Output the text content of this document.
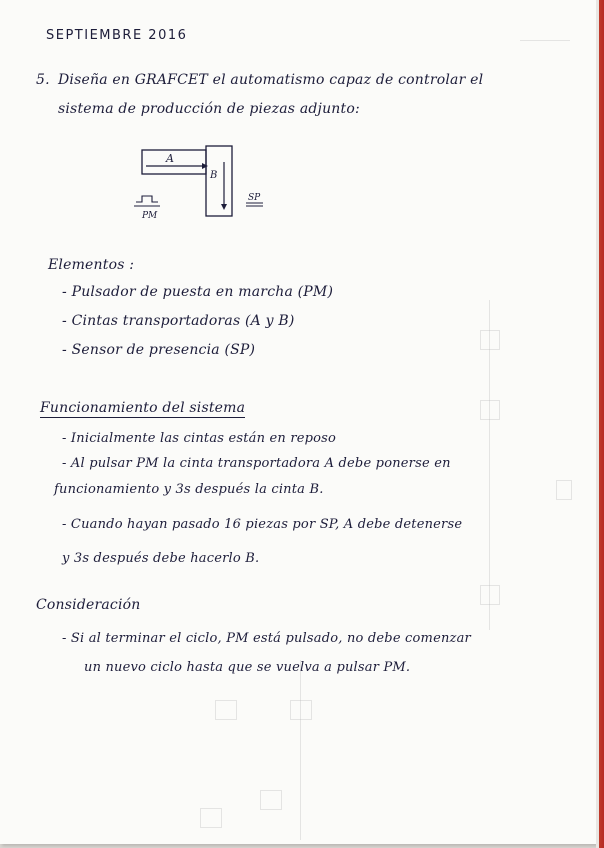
SEPTIEMBRE 2016
5. Diseña en GRAFCET el automatismo capaz de controlar el
sistema de producción de piezas adjunto:
A
B
SP
PM
Elementos :
- Pulsador de puesta en marcha (PM)
- Cintas transportadoras (A y B)
- Sensor de presencia (SP)
Funcionamiento del sistema
- Inicialmente las cintas están en reposo
- Al pulsar PM la cinta transportadora A debe ponerse en
funcionamiento y 3s después la cinta B.
- Cuando hayan pasado 16 piezas por SP, A debe detenerse
y 3s después debe hacerlo B.
Consideración
- Si al terminar el ciclo, PM está pulsado, no debe comenzar
un nuevo ciclo hasta que se vuelva a pulsar PM.
